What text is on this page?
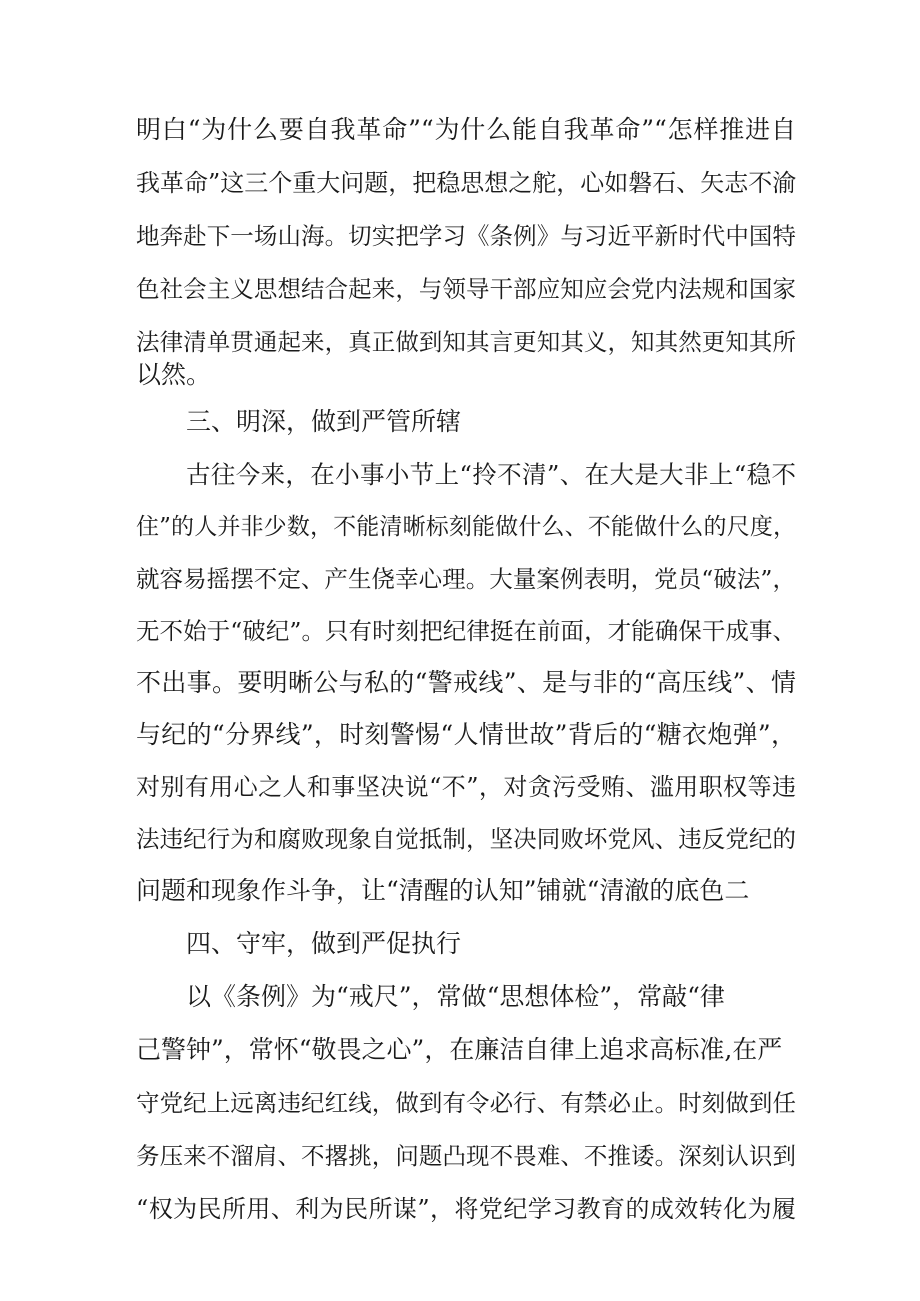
明白“为什么要自我革命”“为什么能自我革命”“怎样推进自
我革命”这三个重大问题，把稳思想之舵，心如磐石、矢志不渝
地奔赴下一场山海。切实把学习《条例》与习近平新时代中国特
色社会主义思想结合起来，与领导干部应知应会党内法规和国家
法律清单贯通起来，真正做到知其言更知其义，知其然更知其所
以然。
三、明深，做到严管所辖
古往今来，在小事小节上“拎不清”、在大是大非上“稳不
住”的人并非少数，不能清晰标刻能做什么、不能做什么的尺度，
就容易摇摆不定、产生侥幸心理。大量案例表明，党员“破法”，
无不始于“破纪”。只有时刻把纪律挺在前面，才能确保干成事、
不出事。要明晰公与私的“警戒线”、是与非的“高压线”、情
与纪的“分界线”，时刻警惕“人情世故”背后的“糖衣炮弹”，
对别有用心之人和事坚决说“不”，对贪污受贿、滥用职权等违
法违纪行为和腐败现象自觉抵制，坚决同败坏党风、违反党纪的
问题和现象作斗争，让“清醒的认知”铺就“清澈的底色二
四、守牢，做到严促执行
以《条例》为“戒尺”，常做“思想体检”，常敲“律
己警钟”，常怀“敬畏之心”，在廉洁自律上追求高标准,在严
守党纪上远离违纪红线，做到有令必行、有禁必止。时刻做到任
务压来不溜肩、不撂挑，问题凸现不畏难、不推诿。深刻认识到
“权为民所用、利为民所谋”，将党纪学习教育的成效转化为履
